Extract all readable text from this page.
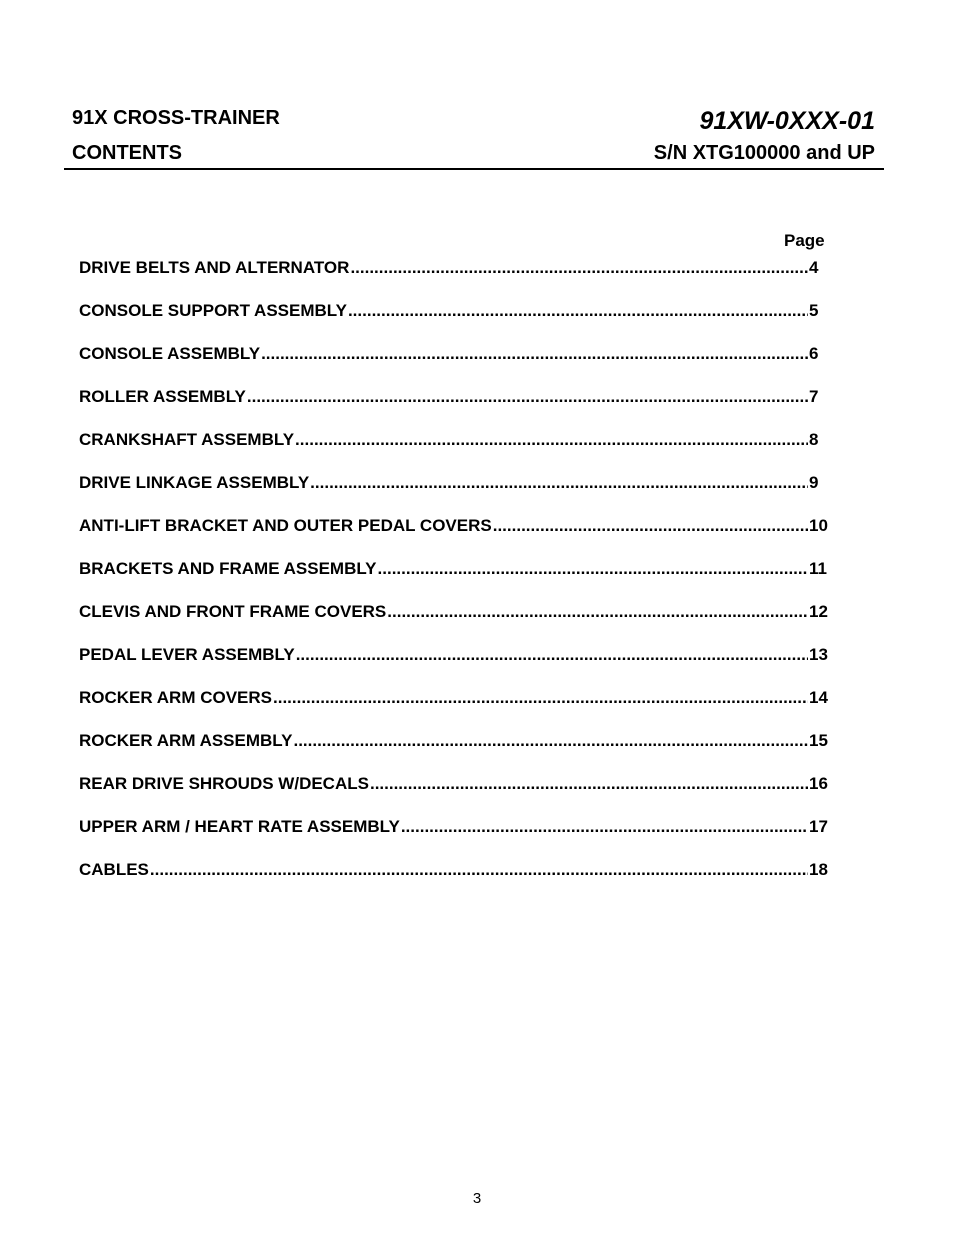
91X CROSS-TRAINER
CONTENTS
91XW-0XXX-01
S/N XTG100000 and UP
Page
DRIVE BELTS AND ALTERNATOR .....	4
CONSOLE SUPPORT ASSEMBLY .....	5
CONSOLE ASSEMBLY .....	6
ROLLER ASSEMBLY .....	7
CRANKSHAFT ASSEMBLY .....	8
DRIVE LINKAGE ASSEMBLY .....	9
ANTI-LIFT BRACKET AND OUTER PEDAL COVERS .....	10
BRACKETS AND FRAME ASSEMBLY .....	11
CLEVIS AND FRONT FRAME COVERS .....	12
PEDAL LEVER ASSEMBLY .....	13
ROCKER ARM COVERS .....	14
ROCKER ARM ASSEMBLY .....	15
REAR DRIVE SHROUDS W/DECALS .....	16
UPPER ARM / HEART RATE ASSEMBLY .....	17
CABLES .....	18
3
